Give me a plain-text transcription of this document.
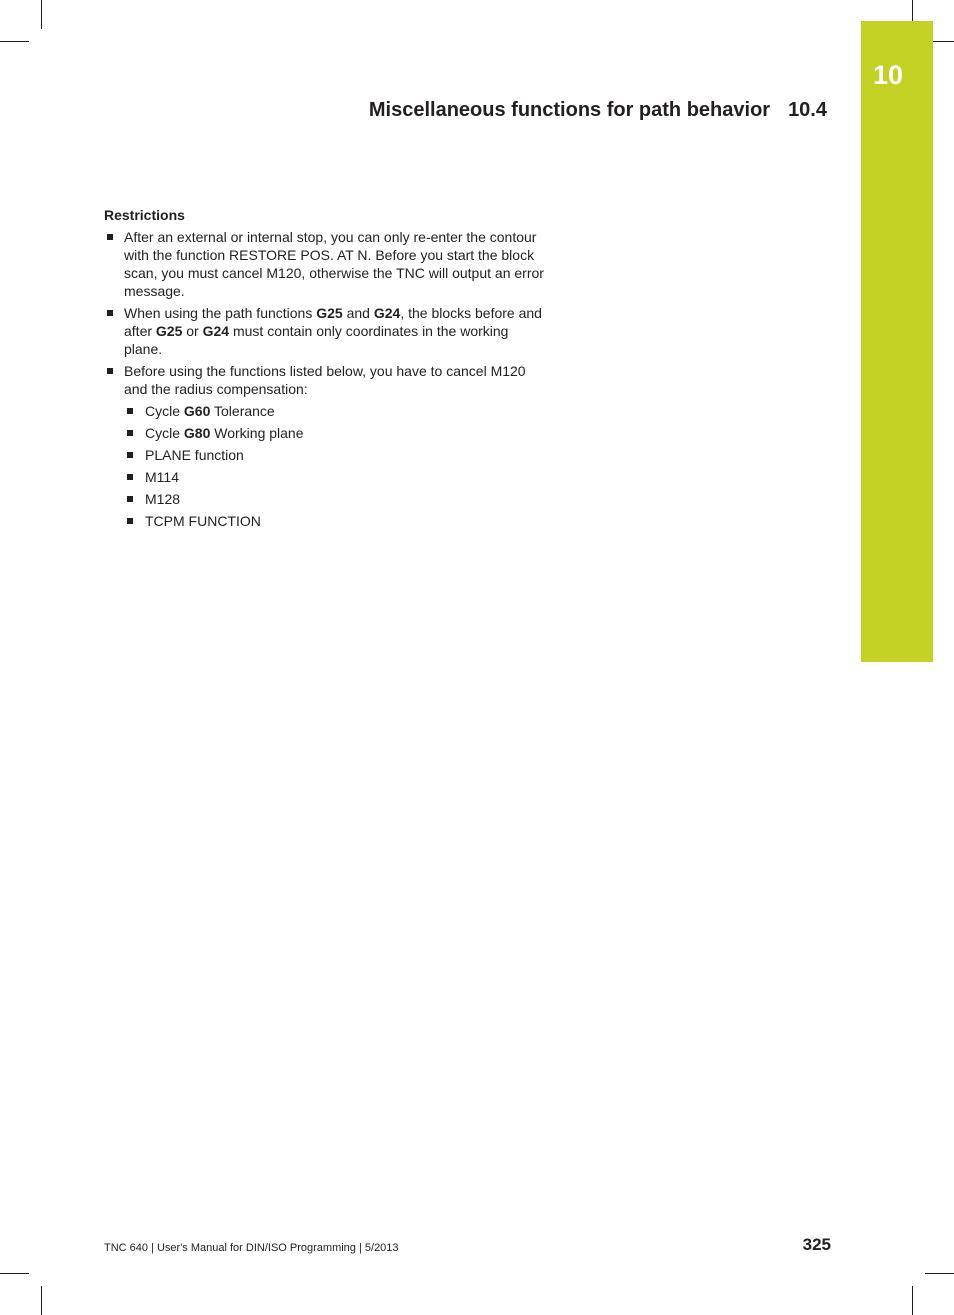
10
Miscellaneous functions for path behavior 10.4
Restrictions
After an external or internal stop, you can only re-enter the contour with the function RESTORE POS. AT N. Before you start the block scan, you must cancel M120, otherwise the TNC will output an error message.
When using the path functions G25 and G24, the blocks before and after G25 or G24 must contain only coordinates in the working plane.
Before using the functions listed below, you have to cancel M120 and the radius compensation:
Cycle G60 Tolerance
Cycle G80 Working plane
PLANE function
M114
M128
TCPM FUNCTION
TNC 640 | User's Manual for DIN/ISO Programming | 5/2013	325
